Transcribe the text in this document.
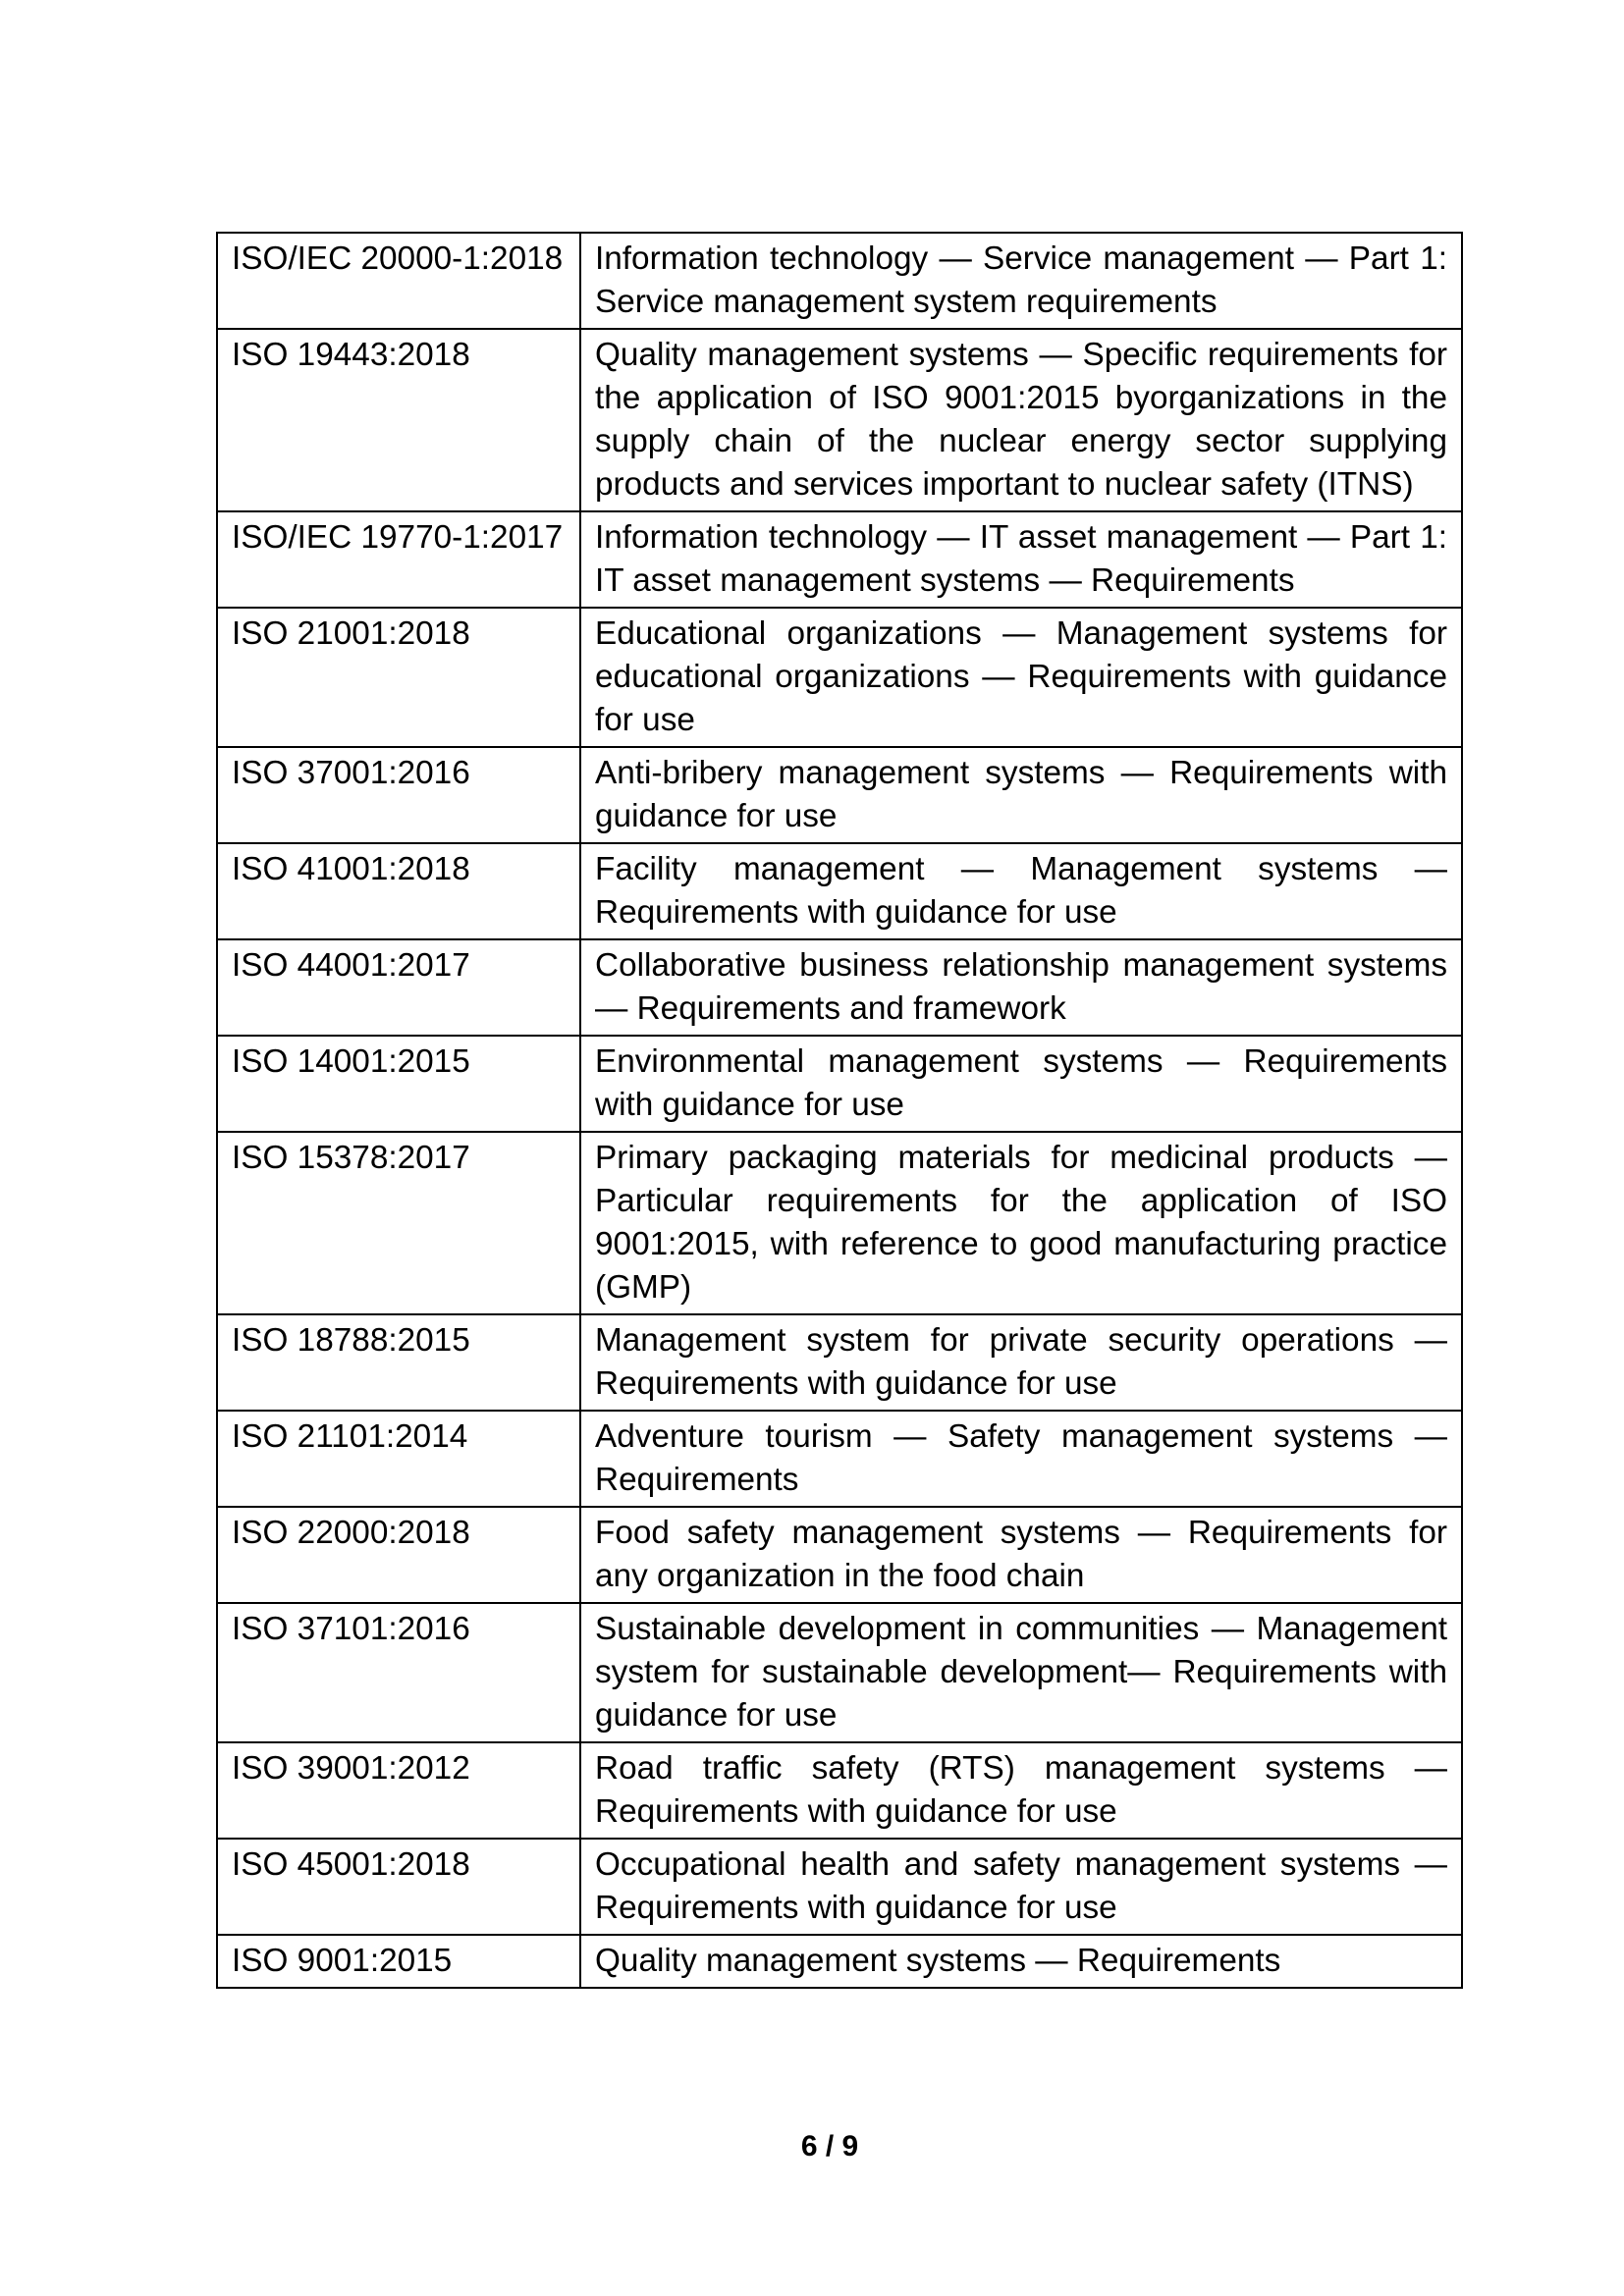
ISO/IEC 20000-1:2018	Information technology — Service management — Part 1: Service management system requirements
ISO 19443:2018	Quality management systems — Specific requirements for the application of ISO 9001:2015 byorganizations in the supply chain of the nuclear energy sector supplying products and services important to nuclear safety (ITNS)
ISO/IEC 19770-1:2017	Information technology — IT asset management — Part 1: IT asset management systems — Requirements
ISO 21001:2018	Educational organizations — Management systems for educational organizations — Requirements with guidance for use
ISO 37001:2016	Anti-bribery management systems — Requirements with guidance for use
ISO 41001:2018	Facility management — Management systems — Requirements with guidance for use
ISO 44001:2017	Collaborative business relationship management systems — Requirements and framework
ISO 14001:2015	Environmental management systems — Requirements with guidance for use
ISO 15378:2017	Primary packaging materials for medicinal products — Particular requirements for the application of ISO 9001:2015, with reference to good manufacturing practice (GMP)
ISO 18788:2015	Management system for private security operations — Requirements with guidance for use
ISO 21101:2014	Adventure tourism — Safety management systems — Requirements
ISO 22000:2018	Food safety management systems — Requirements for any organization in the food chain
ISO 37101:2016	Sustainable development in communities — Management system for sustainable development— Requirements with guidance for use
ISO 39001:2012	Road traffic safety (RTS) management systems — Requirements with guidance for use
ISO 45001:2018	Occupational health and safety management systems — Requirements with guidance for use
ISO 9001:2015	Quality management systems — Requirements
6 / 9
